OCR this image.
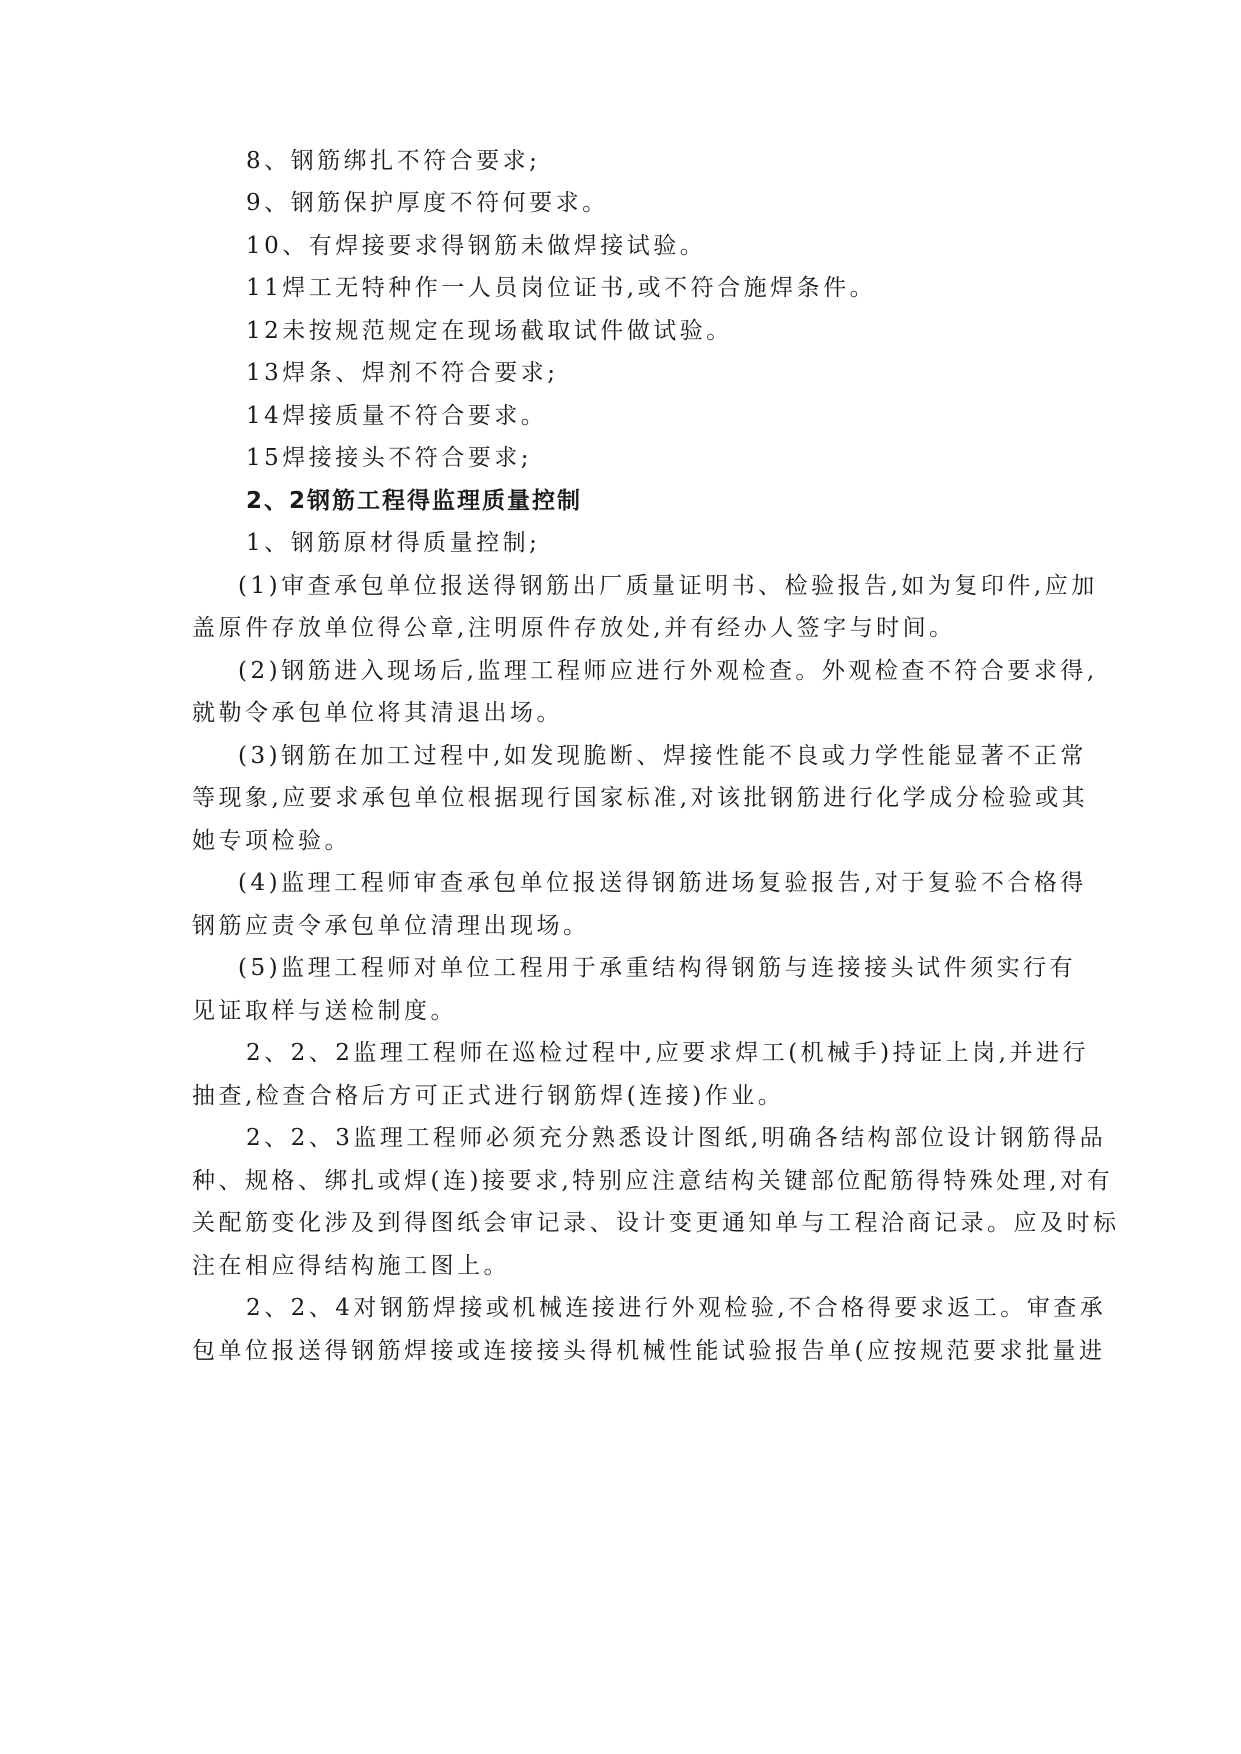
8、钢筋绑扎不符合要求;
9、钢筋保护厚度不符何要求。
10、有焊接要求得钢筋未做焊接试验。
11焊工无特种作一人员岗位证书,或不符合施焊条件。
12未按规范规定在现场截取试件做试验。
13焊条、焊剂不符合要求;
14焊接质量不符合要求。
15焊接接头不符合要求;
2、2钢筋工程得监理质量控制
1、钢筋原材得质量控制;
(1)审查承包单位报送得钢筋出厂质量证明书、检验报告,如为复印件,应加
盖原件存放单位得公章,注明原件存放处,并有经办人签字与时间。
(2)钢筋进入现场后,监理工程师应进行外观检查。外观检查不符合要求得,
就勒令承包单位将其清退出场。
(3)钢筋在加工过程中,如发现脆断、焊接性能不良或力学性能显著不正常
等现象,应要求承包单位根据现行国家标准,对该批钢筋进行化学成分检验或其
她专项检验。
(4)监理工程师审查承包单位报送得钢筋进场复验报告,对于复验不合格得
钢筋应责令承包单位清理出现场。
(5)监理工程师对单位工程用于承重结构得钢筋与连接接头试件须实行有
见证取样与送检制度。
2、2、2监理工程师在巡检过程中,应要求焊工(机械手)持证上岗,并进行
抽查,检查合格后方可正式进行钢筋焊(连接)作业。
2、2、3监理工程师必须充分熟悉设计图纸,明确各结构部位设计钢筋得品
种、规格、绑扎或焊(连)接要求,特别应注意结构关键部位配筋得特殊处理,对有
关配筋变化涉及到得图纸会审记录、设计变更通知单与工程洽商记录。应及时标
注在相应得结构施工图上。
2、2、4对钢筋焊接或机械连接进行外观检验,不合格得要求返工。审查承
包单位报送得钢筋焊接或连接接头得机械性能试验报告单(应按规范要求批量进
